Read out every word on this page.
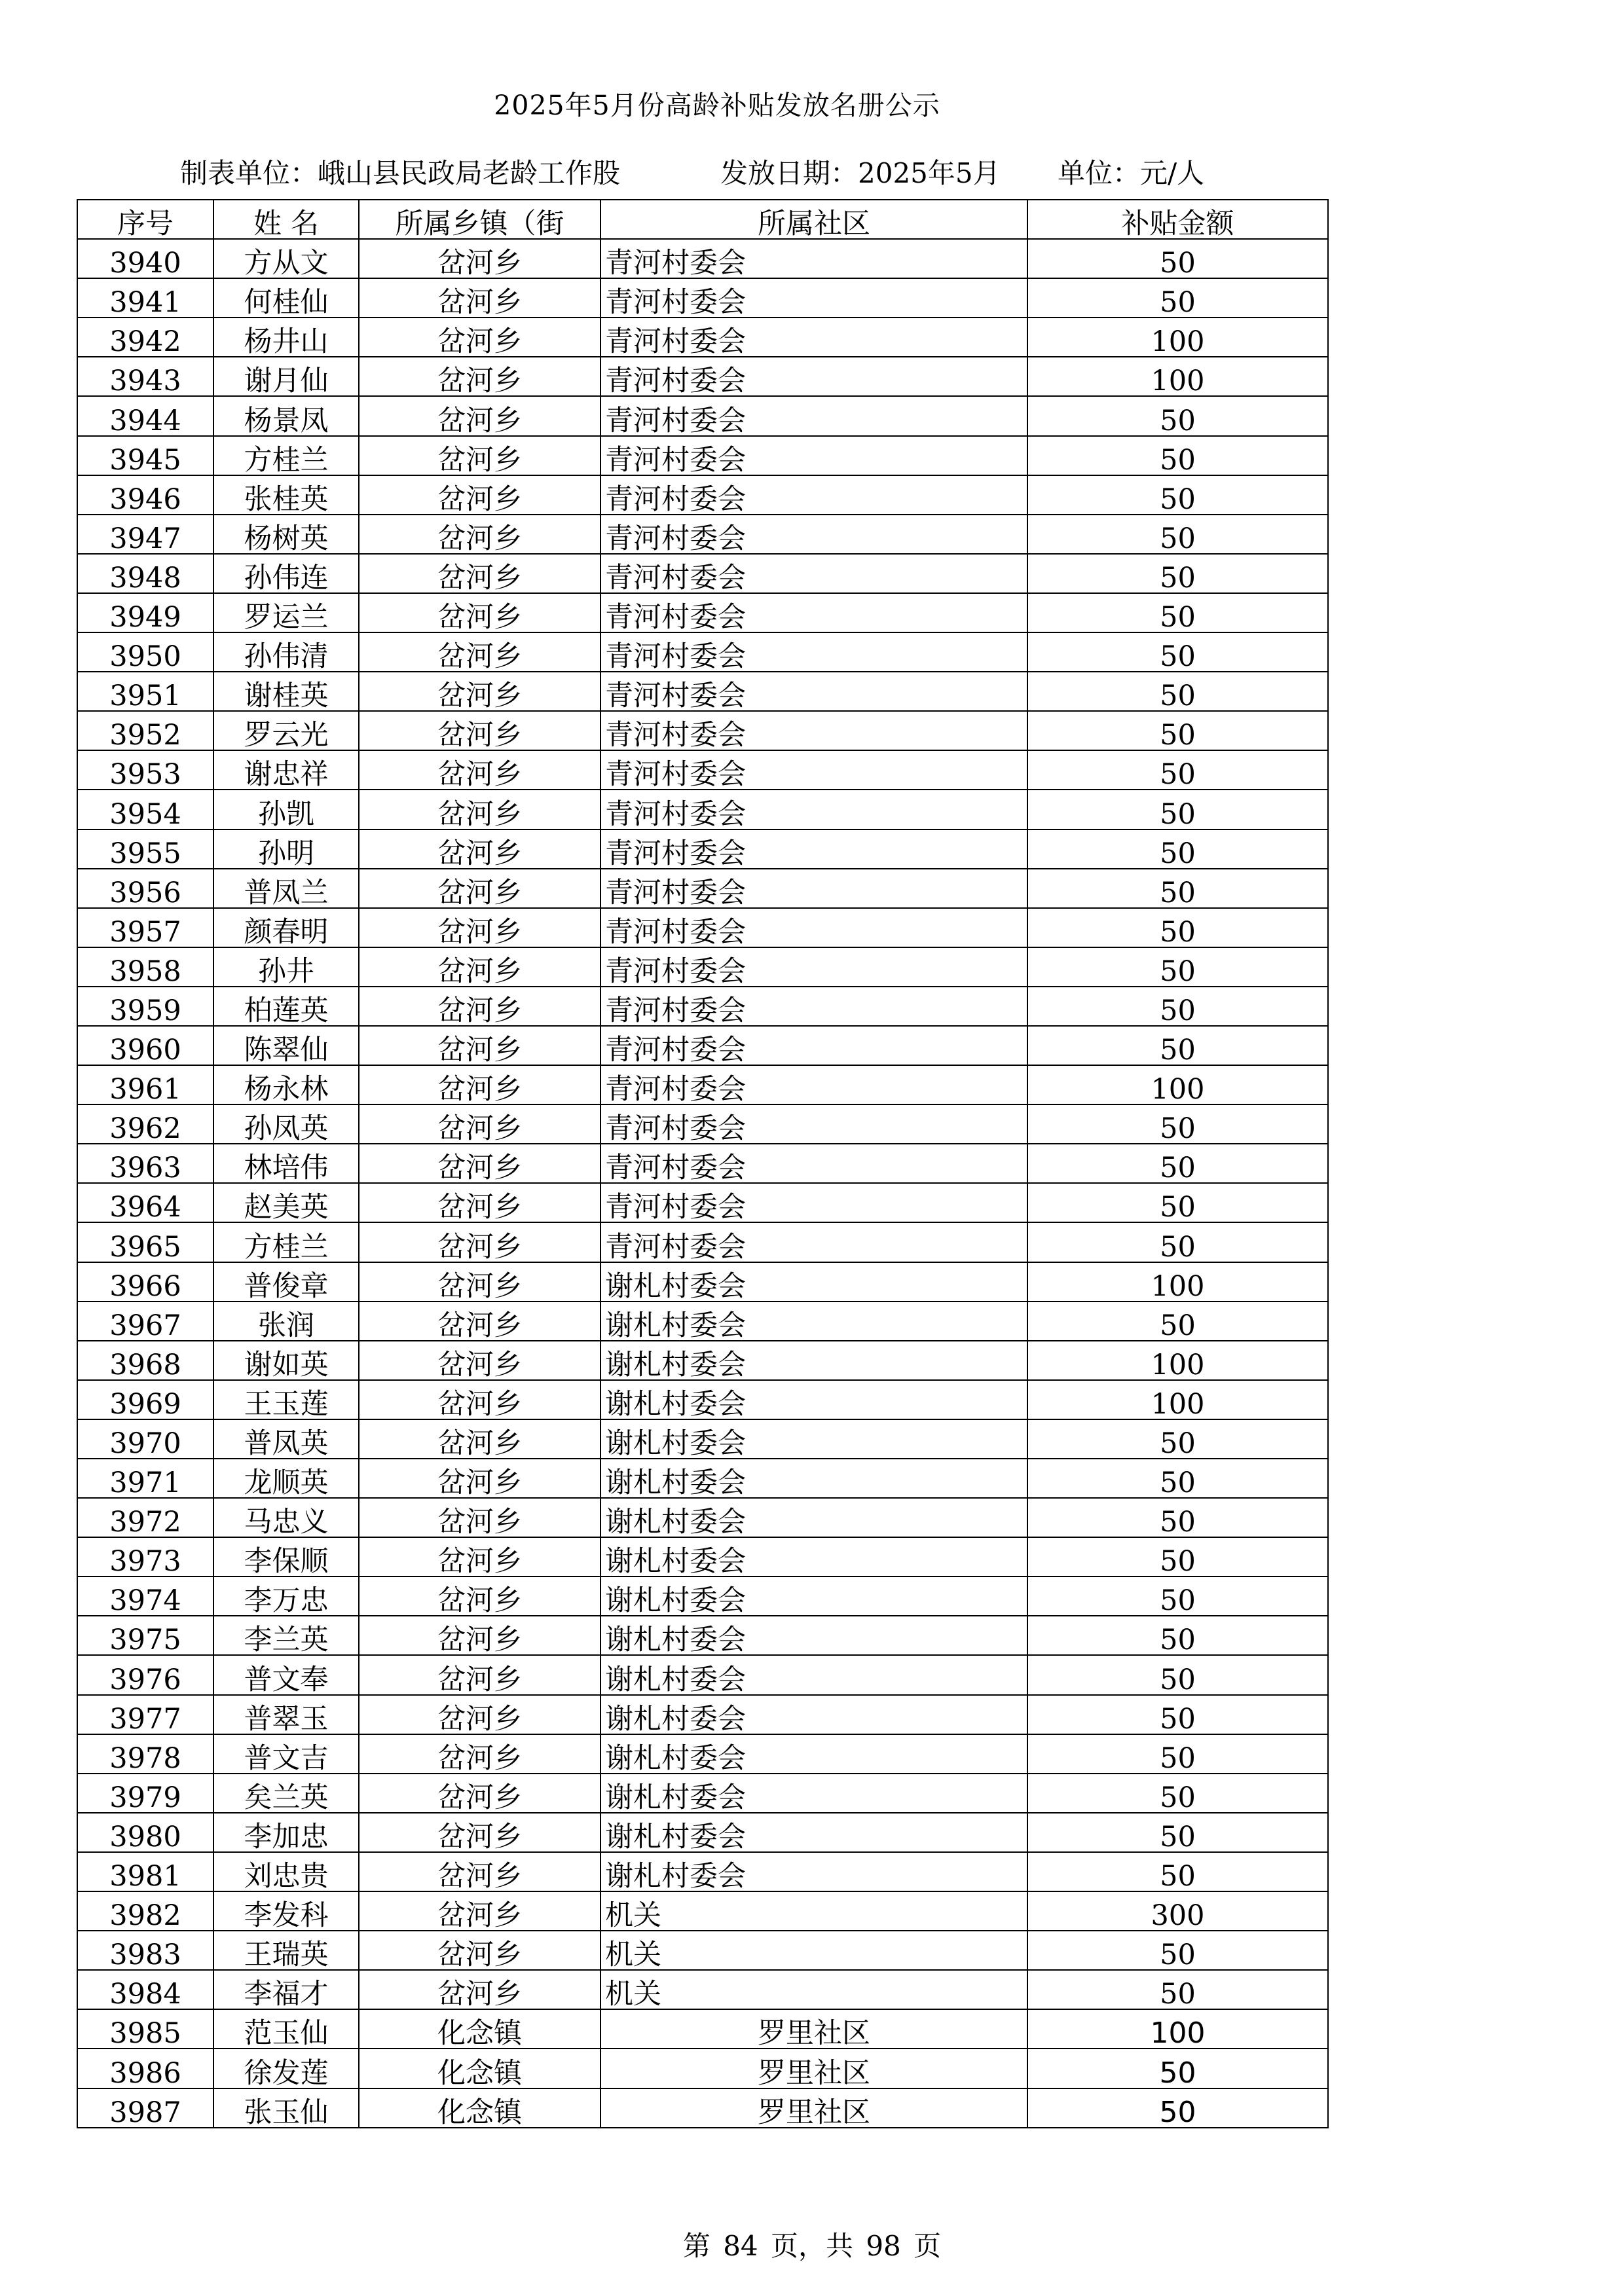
2025年5月份高龄补贴发放名册公示
制表单位：峨山县民政局老龄工作股	发放日期：2025年5月 单位：元/人
序号	姓 名	所属乡镇（街	所属社区	补贴金额
3940	方从文	岔河乡	青河村委会	50
3941	何桂仙	岔河乡	青河村委会	50
3942	杨井山	岔河乡	青河村委会	100
3943	谢月仙	岔河乡	青河村委会	100
3944	杨景凤	岔河乡	青河村委会	50
3945	方桂兰	岔河乡	青河村委会	50
3946	张桂英	岔河乡	青河村委会	50
3947	杨树英	岔河乡	青河村委会	50
3948	孙伟连	岔河乡	青河村委会	50
3949	罗运兰	岔河乡	青河村委会	50
3950	孙伟清	岔河乡	青河村委会	50
3951	谢桂英	岔河乡	青河村委会	50
3952	罗云光	岔河乡	青河村委会	50
3953	谢忠祥	岔河乡	青河村委会	50
3954	孙凯	岔河乡	青河村委会	50
3955	孙明	岔河乡	青河村委会	50
3956	普凤兰	岔河乡	青河村委会	50
3957	颜春明	岔河乡	青河村委会	50
3958	孙井	岔河乡	青河村委会	50
3959	柏莲英	岔河乡	青河村委会	50
3960	陈翠仙	岔河乡	青河村委会	50
3961	杨永林	岔河乡	青河村委会	100
3962	孙凤英	岔河乡	青河村委会	50
3963	林培伟	岔河乡	青河村委会	50
3964	赵美英	岔河乡	青河村委会	50
3965	方桂兰	岔河乡	青河村委会	50
3966	普俊章	岔河乡	谢札村委会	100
3967	张润	岔河乡	谢札村委会	50
3968	谢如英	岔河乡	谢札村委会	100
3969	王玉莲	岔河乡	谢札村委会	100
3970	普凤英	岔河乡	谢札村委会	50
3971	龙顺英	岔河乡	谢札村委会	50
3972	马忠义	岔河乡	谢札村委会	50
3973	李保顺	岔河乡	谢札村委会	50
3974	李万忠	岔河乡	谢札村委会	50
3975	李兰英	岔河乡	谢札村委会	50
3976	普文奉	岔河乡	谢札村委会	50
3977	普翠玉	岔河乡	谢札村委会	50
3978	普文吉	岔河乡	谢札村委会	50
3979	矣兰英	岔河乡	谢札村委会	50
3980	李加忠	岔河乡	谢札村委会	50
3981	刘忠贵	岔河乡	谢札村委会	50
3982	李发科	岔河乡	机关	300
3983	王瑞英	岔河乡	机关	50
3984	李福才	岔河乡	机关	50
3985	范玉仙	化念镇	罗里社区	100
3986	徐发莲	化念镇	罗里社区	50
3987	张玉仙	化念镇	罗里社区	50
第 84 页，共 98 页
